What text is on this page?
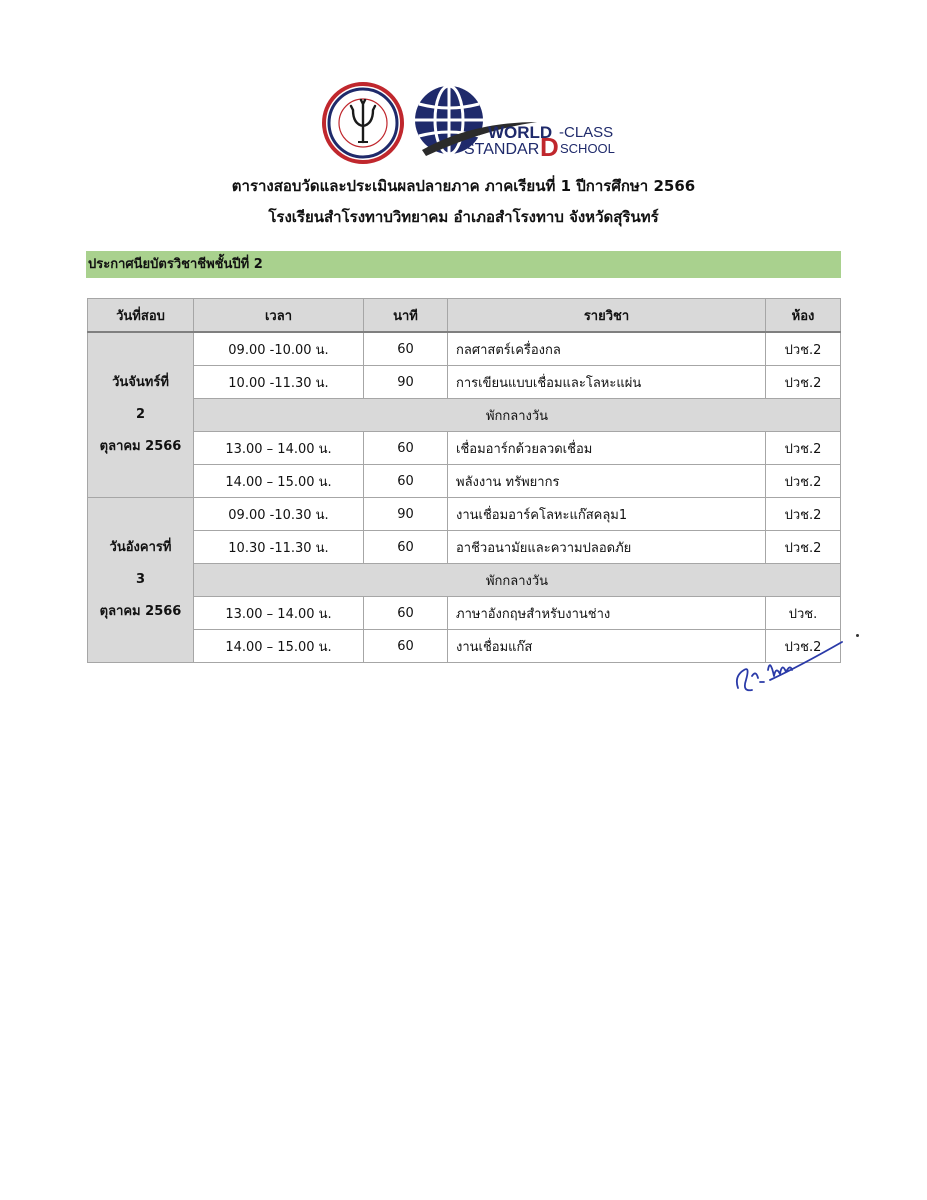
WORLD -CLASS
STANDAR D SCHOOL
ตารางสอบวัดและประเมินผลปลายภาค ภาคเรียนที่ 1 ปีการศึกษา 2566
โรงเรียนสำโรงทาบวิทยาคม อำเภอสำโรงทาบ จังหวัดสุรินทร์
ประกาศนียบัตรวิชาชีพชั้นปีที่ 2
วันที่สอบ	เวลา	นาที	รายวิชา	ห้อง

วันจันทร์ที่
2
ตุลาคม 2566	09.00 -10.00 น.	60	กลศาสตร์เครื่องกล	ปวช.2
	10.00 -11.30 น.	90	การเขียนแบบเชื่อมและโลหะแผ่น	ปวช.2
	พักกลางวัน			
	13.00 – 14.00 น.	60	เชื่อมอาร์กด้วยลวดเชื่อม	ปวช.2
	14.00 – 15.00 น.	60	พลังงาน ทรัพยากร	ปวช.2

วันอังคารที่
3
ตุลาคม 2566	09.00 -10.30 น.	90	งานเชื่อมอาร์คโลหะแก๊สคลุม1	ปวช.2
	10.30 -11.30 น.	60	อาชีวอนามัยและความปลอดภัย	ปวช.2
	พักกลางวัน			
	13.00 – 14.00 น.	60	ภาษาอังกฤษสำหรับงานช่าง	ปวช.
	14.00 – 15.00 น.	60	งานเชื่อมแก๊ส	ปวช.2
